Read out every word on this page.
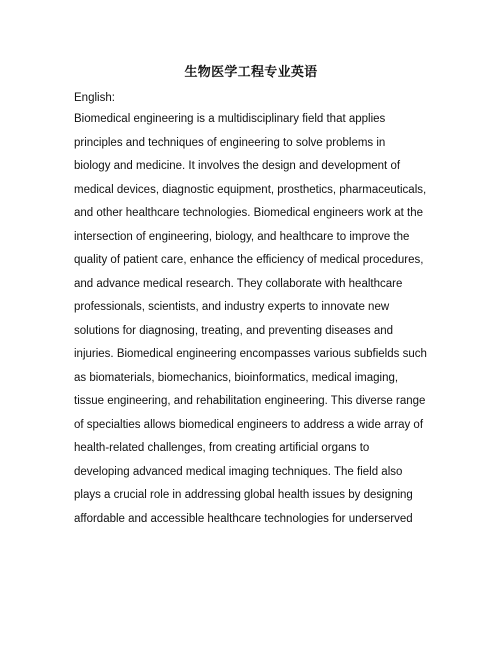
生物医学工程专业英语
English:
Biomedical engineering is a multidisciplinary field that applies
principles and techniques of engineering to solve problems in
biology and medicine. It involves the design and development of
medical devices, diagnostic equipment, prosthetics, pharmaceuticals,
and other healthcare technologies. Biomedical engineers work at the
intersection of engineering, biology, and healthcare to improve the
quality of patient care, enhance the efficiency of medical procedures,
and advance medical research. They collaborate with healthcare
professionals, scientists, and industry experts to innovate new
solutions for diagnosing, treating, and preventing diseases and
injuries. Biomedical engineering encompasses various subfields such
as biomaterials, biomechanics, bioinformatics, medical imaging,
tissue engineering, and rehabilitation engineering. This diverse range
of specialties allows biomedical engineers to address a wide array of
health-related challenges, from creating artificial organs to
developing advanced medical imaging techniques. The field also
plays a crucial role in addressing global health issues by designing
affordable and accessible healthcare technologies for underserved
